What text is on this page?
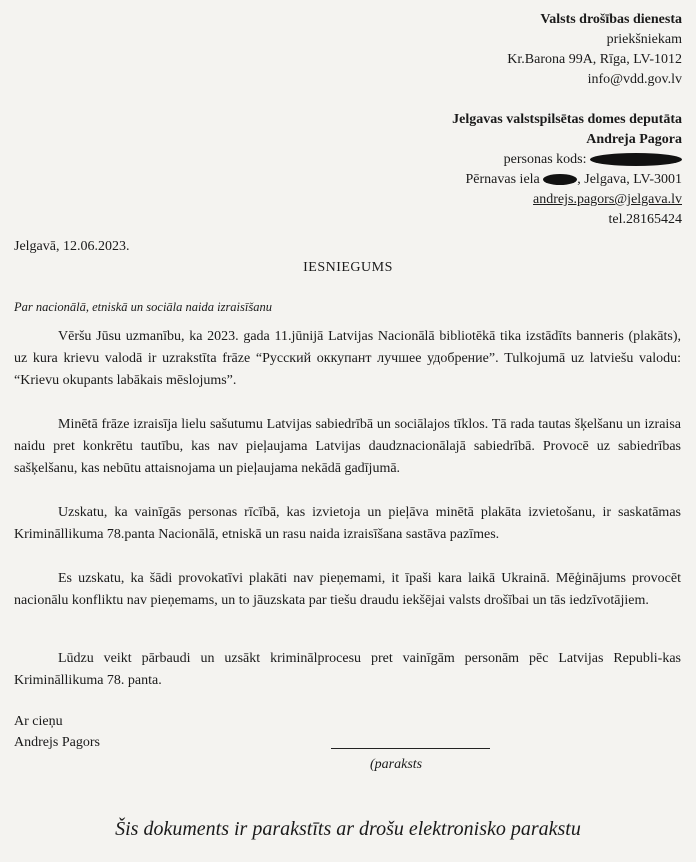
Valsts drošības dienesta
priekšniekam
Kr.Barona 99A, Rīga, LV-1012
info@vdd.gov.lv
Jelgavas valstspilsētas domes deputāta
Andreja Pagora
personas kods:
Pērnavas iela	, Jelgava, LV-3001
andrejs.pagors@jelgava.lv
tel.28165424
Jelgavā, 12.06.2023.
IESNIEGUMS
Par nacionālā, etniskā un sociāla naida izraisīšanu

Vēršu Jūsu uzmanību, ka 2023. gada 11.jūnijā Latvijas Nacionālā bibliotēkā tika izstādīts banneris (plakāts), uz kura krievu valodā ir uzrakstīta frāze “Русский оккупант лучшее удобрение”. Tulkojumā uz latviešu valodu: “Krievu okupants labākais mēslojums”.

Minētā frāze izraisīja lielu sašutumu Latvijas sabiedrībā un sociālajos tīklos. Tā rada tautas šķelšanu un izraisa naidu pret konkrētu tautību, kas nav pieļaujama Latvijas daudznacionālajā sabiedrībā. Provocē uz sabiedrības sašķelšanu, kas nebūtu attaisnojama un pieļaujama nekādā gadījumā.

Uzskatu, ka vainīgās personas rīcībā, kas izvietoja un pieļāva minētā plakāta izvietošanu, ir saskatāmas Krimināllikuma 78.panta Nacionālā, etniskā un rasu naida izraisīšana sastāva pazīmes.

Es uzskatu, ka šādi provokatīvi plakāti nav pieņemami, it īpaši kara laikā Ukrainā. Mēģinājums provocēt nacionālu konfliktu nav pieņemams, un to jāuzskata par tiešu draudu iekšējai valsts drošībai un tās iedzīvotājiem.

Lūdzu veikt pārbaudi un uzsākt kriminālprocesu pret vainīgām personām pēc Latvijas Republi-kas Krimināllikuma 78. panta.

Ar cieņu
Andrejs Pagors
(paraksts
Šis dokuments ir parakstīts ar drošu elektronisko parakstu
